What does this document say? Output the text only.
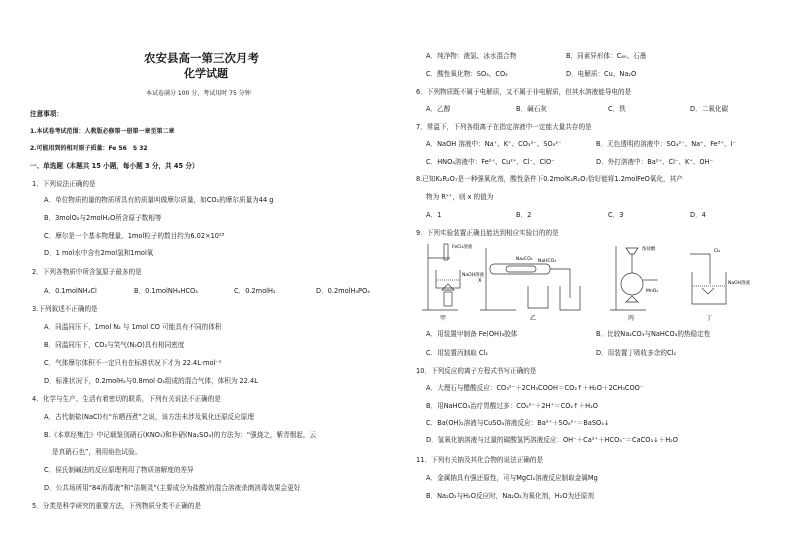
农安县高一第三次月考
化学试题
本试卷满分 100 分，考试用时 75 分钟
注意事项：
1.本试卷考试范围：人教版必修第一册第一章至第二章
2.可能用到的相对原子质量：Fe 56　S 32
一、单选题（本题共 15 小题，每小题 3 分，共 45 分）
1．下列说法正确的是
A．单位物质的量的物质所具有的质量叫做摩尔质量，如CO₂的摩尔质量为44 g
B．3molO₂与2molH₂O所含原子数相等
C．摩尔是一个基本物理量，1mol粒子的数目约为6.02×10²³
D．1 mol水中含有2mol氢和1mol氧
2．下列各物质中所含氢原子最多的是
A．0.1molNH₄Cl	B．0.1molNH₄HCO₃	C．0.2molH₂	D．0.2molH₃PO₄
3.下列叙述不正确的是
A．同温同压下，1mol N₂ 与 1mol CO 可能具有不同的体积
B．同温同压下，CO₂与笑气(N₂O)具有相同密度
C．气体摩尔体积不一定只有在标准状况下才为 22.4L·mol⁻¹
D．标准状况下，0.2molH₂与0.8mol O₂组成的混合气体，体积为 22.4L
4．化学与生产、生活有着密切的联系，下列有关说法不正确的是
A．古代制盐(NaCl)有“东晒西煮”之说，该方法未涉及氧化还原反应原理
B.《本草经集注》中记载鉴别硝石(KNO₃)和朴硝(Na₂SO₄)的方法为：“强烧之，紫青烟起，云
是真硝石也”，利用焰色试验。
C．侯氏制碱法的反应原理利用了物质溶解度的差异
D．公共场所用“84消毒液”和“洁厕灵”(主要成分为盐酸)的混合溶液杀菌消毒效果会更好
5．分类是科学研究的重要方法，下列物质分类不正确的是
A．纯净物：液氯、冰水混合物	B．同素异形体：C₆₀、石墨
C．酸性氧化物：SO₃、CO₂	D．电解质：Cu、Na₂O
6．下列物质既不属于电解质，又不属于非电解质，但其水溶液能导电的是
A．乙醇	B．碱石灰	C．铁	D．二氧化碳
7．常温下，下列各组离子在指定溶液中一定能大量共存的是
A．NaOH 溶液中：Na⁺、K⁺、CO₃²⁻、SO₄²⁻	B．无色透明的溶液中：SO₄²⁻、Na⁺、Fe³⁺、I⁻
C．HNO₃溶液中：Fe²⁺、Cu²⁺、Cl⁻、ClO⁻	D．外打溶液中：Ba²⁺、Cl⁻、K⁺、OH⁻
8.已知K₂R₂O₇是一种强氧化剂，酸性条件下0.2molK₂R₂O₇恰好能将1.2molFeO氧化，其产
物为 Rˣ⁺，则 x 的值为
A．1	B．2	C．3	D．4
9．下列实验装置正确且能达到相应实验目的的是
FeCl₃溶液
NaOH溶液
X
Na₂CO₃ NaHCO₃
浓盐酸
MnO₂
Cl₂
NaOH溶液
甲	乙	丙	丁
A．用装置甲制备 Fe(OH)₃胶体	B．比较Na₂CO₃与NaHCO₃的热稳定性
C．用装置丙制取 Cl₂	D．用装置丁吸收多余的Cl₂
10．下列反应的离子方程式书写正确的是
A．大理石与醋酸反应：CO₃²⁻＋2CH₃COOH＝CO₂↑＋H₂O＋2CH₃COO⁻
B．用NaHCO₃治疗胃酸过多：CO₃²⁻＋2H⁺＝CO₂↑＋H₂O
C．Ba(OH)₂溶液与CuSO₄溶液反应：Ba²⁺＋SO₄²⁻＝BaSO₄↓
D．氢氧化钠溶液与过量的碳酸氢钙溶液反应：OH⁻＋Ca²⁺＋HCO₃⁻＝CaCO₃↓＋H₂O
11．下列有关钠及其化合物的说法正确的是
A．金属钠具有强还原性，可与MgCl₂溶液反应制取金属Mg
B．Na₂O₂与H₂O反应时，Na₂O₂为氧化剂，H₂O为还原剂
